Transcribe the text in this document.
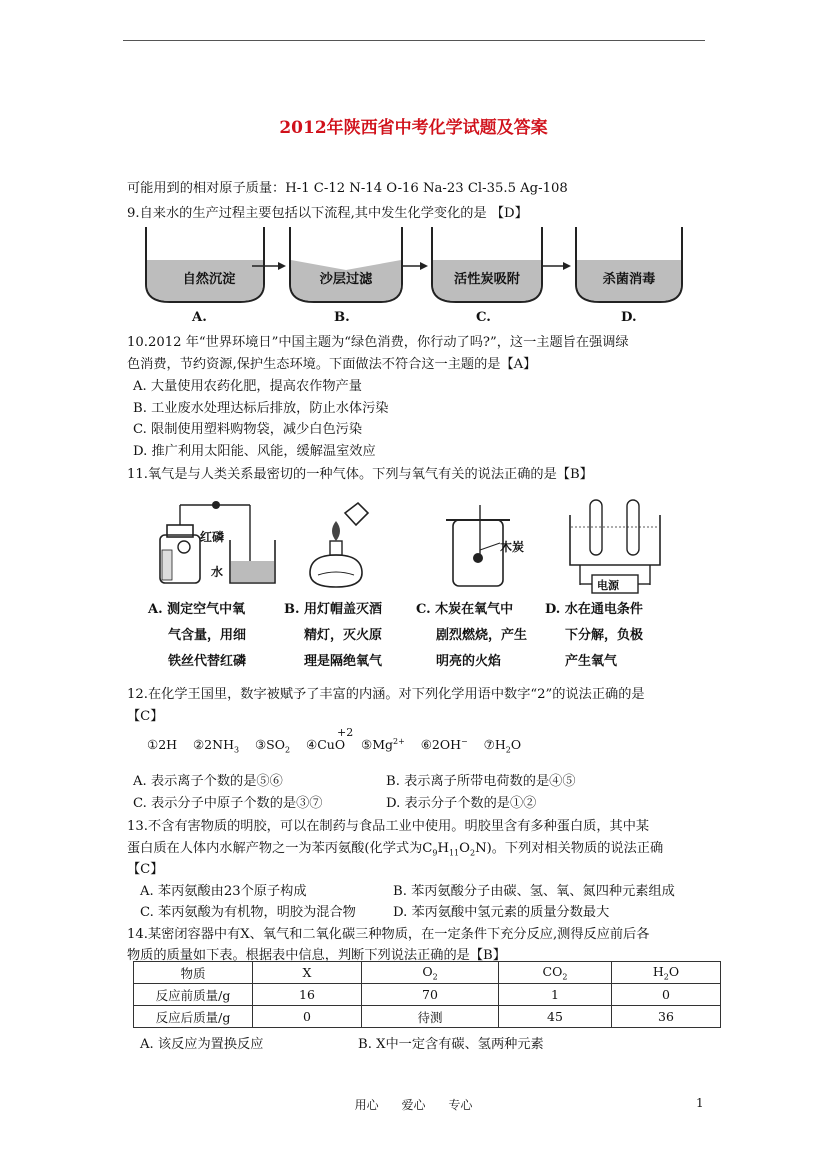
2012年陕西省中考化学试题及答案
可能用到的相对原子质量：H-1 C-12 N-14 O-16 Na-23 Cl-35.5 Ag-108
9.自来水的生产过程主要包括以下流程,其中发生化学变化的是 【D】
自然沉淀	沙层过滤	活性炭吸附	杀菌消毒
A.	B.	C.	D.
10.2012 年“世界环境日”中国主题为“绿色消费，你行动了吗?”，这一主题旨在强调绿
色消费，节约资源,保护生态环境。下面做法不符合这一主题的是【A】
A. 大量使用农药化肥，提高农作物产量
B. 工业废水处理达标后排放，防止水体污染
C. 限制使用塑料购物袋，减少白色污染
D. 推广利用太阳能、风能，缓解温室效应
11.氧气是与人类关系最密切的一种气体。下列与氧气有关的说法正确的是【B】
红磷
水
木炭
电源
A. 测定空气中氧
气含量，用细
铁丝代替红磷
B. 用灯帽盖灭酒
精灯，灭火原
理是隔绝氧气
C. 木炭在氧气中
剧烈燃烧，产生
明亮的火焰
D. 水在通电条件
下分解，负极
产生氧气
12.在化学王国里，数字被赋予了丰富的内涵。对下列化学用语中数字“2”的说法正确的是
【C】
+2
①2H $②2NH_3$ $③SO_2$ ④CuO $⑤Mg^{2+}$ ⑥2OH− $⑦H_2O$
A. 表示离子个数的是⑤⑥	B. 表示离子所带电荷数的是④⑤
C. 表示分子中原子个数的是③⑦	D. 表示分子个数的是①②
13.不含有害物质的明胶，可以在制药与食品工业中使用。明胶里含有多种蛋白质，其中某
蛋白质在人体内水解产物之一为苯丙氨酸(化学式为$C_9H_{11}O_2N$)。下列对相关物质的说法正确
【C】
A. 苯丙氨酸由23个原子构成	B. 苯丙氨酸分子由碳、氢、氧、氮四种元素组成
C. 苯丙氨酸为有机物，明胶为混合物	D. 苯丙氨酸中氢元素的质量分数最大
14.某密闭容器中有X、氧气和二氧化碳三种物质，在一定条件下充分反应,测得反应前后各
物质的质量如下表。根据表中信息，判断下列说法正确的是【B】
物质	X	$O_2$	$CO_2$	$H_2O$
反应前质量/g	16	70	1	0
反应后质量/g	0	待测	45	36
A. 该反应为置换反应	B. X中一定含有碳、氢两种元素
用心      爱心      专心	1
